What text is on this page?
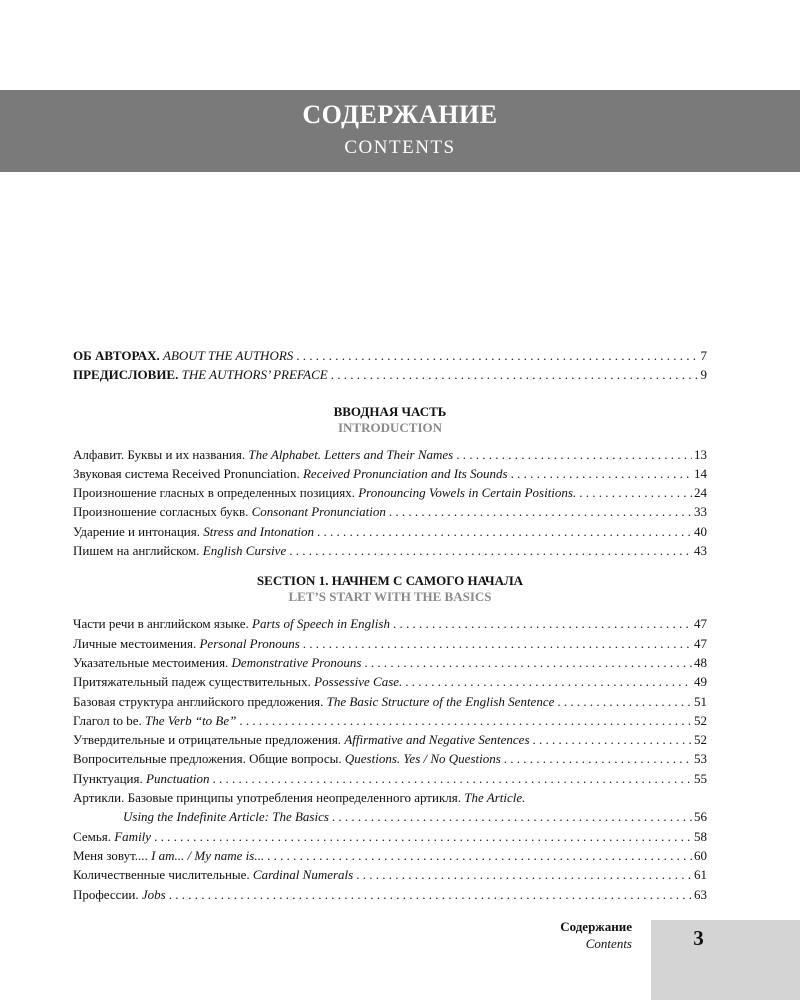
СОДЕРЖАНИЕ
CONTENTS
ОБ АВТОРАХ. ABOUT THE AUTHORS . . .	7
ПРЕДИСЛОВИЕ. THE AUTHORS’ PREFACE . . .	9
ВВОДНАЯ ЧАСТЬ
INTRODUCTION
Алфавит. Буквы и их названия. The Alphabet. Letters and Their Names . . .	13
Звуковая система Received Pronunciation. Received Pronunciation and Its Sounds . . .	14
Произношение гласных в определенных позициях. Pronouncing Vowels in Certain Positions. . . .	24
Произношение согласных букв. Consonant Pronunciation . . .	33
Ударение и интонация. Stress and Intonation . . .	40
Пишем на английском. English Cursive . . .	43
SECTION 1. НАЧНЕМ С САМОГО НАЧАЛА
LET’S START WITH THE BASICS
Части речи в английском языке. Parts of Speech in English . . .	47
Личные местоимения. Personal Pronouns . . .	47
Указательные местоимения. Demonstrative Pronouns . . .	48
Притяжательный падеж существительных. Possessive Case. . . .	49
Базовая структура английского предложения. The Basic Structure of the English Sentence . . .	51
Глагол to be. The Verb “to Be” . . .	52
Утвердительные и отрицательные предложения. Affirmative and Negative Sentences . . .	52
Вопросительные предложения. Общие вопросы. Questions. Yes / No Questions . . .	53
Пунктуация. Punctuation . . .	55
Артикли. Базовые принципы употребления неопределенного артикля. The Article.
Using the Indefinite Article: The Basics . . .	56
Семья. Family . . .	58
Меня зовут.... I am... / My name is... . . .	60
Количественные числительные. Cardinal Numerals . . .	61
Профессии. Jobs . . .	63
Содержание
Contents	3
